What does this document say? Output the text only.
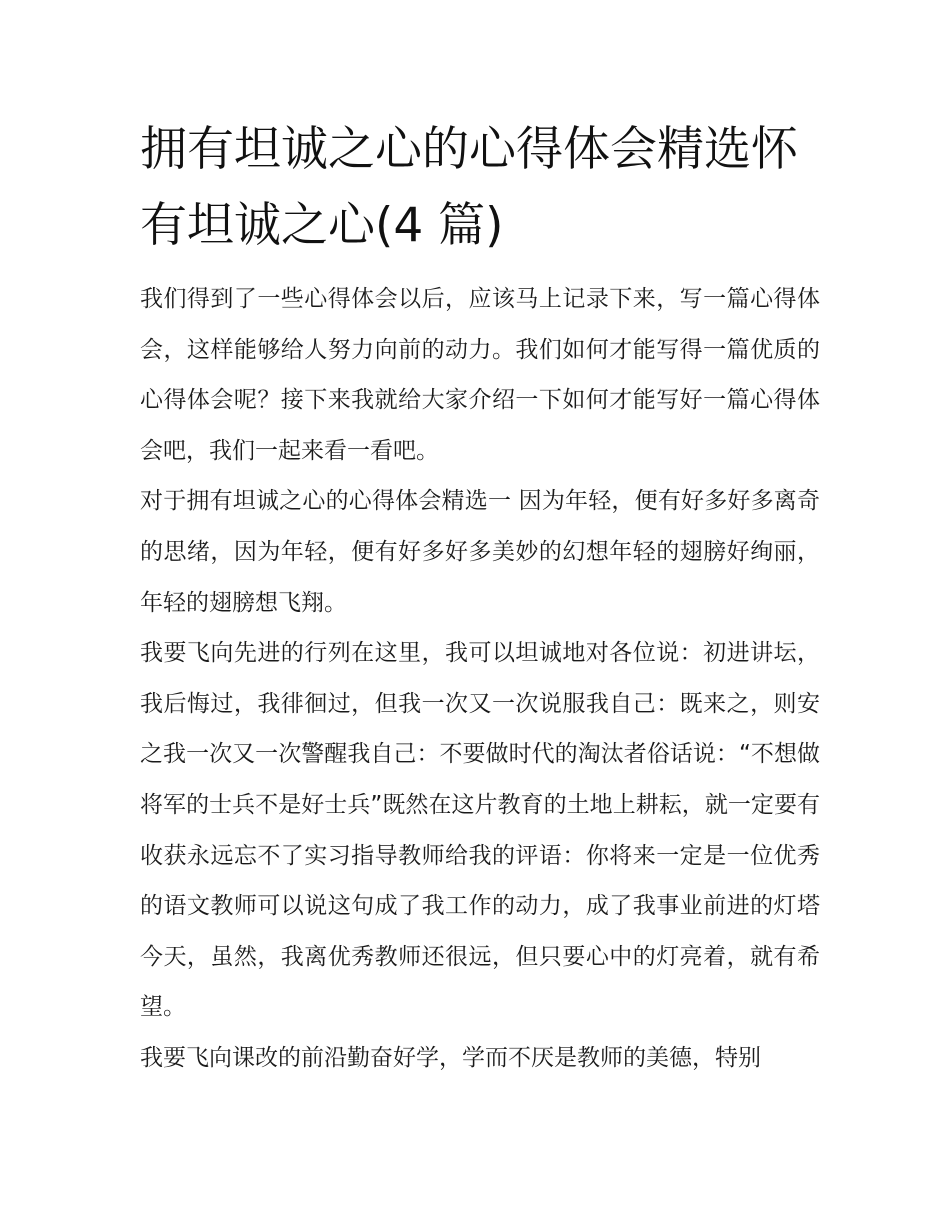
拥有坦诚之心的心得体会精选怀有坦诚之心(4 篇)

我们得到了一些心得体会以后，应该马上记录下来，写一篇心得体会，这样能够给人努力向前的动力。我们如何才能写得一篇优质的心得体会呢？接下来我就给大家介绍一下如何才能写好一篇心得体会吧，我们一起来看一看吧。

对于拥有坦诚之心的心得体会精选一 因为年轻，便有好多好多离奇的思绪，因为年轻，便有好多好多美妙的幻想年轻的翅膀好绚丽，年轻的翅膀想飞翔。

我要飞向先进的行列在这里，我可以坦诚地对各位说：初进讲坛，我后悔过，我徘徊过，但我一次又一次说服我自己：既来之，则安之我一次又一次警醒我自己：不要做时代的淘汰者俗话说：“不想做将军的士兵不是好士兵”既然在这片教育的土地上耕耘，就一定要有收获永远忘不了实习指导教师给我的评语：你将来一定是一位优秀的语文教师可以说这句成了我工作的动力，成了我事业前进的灯塔今天，虽然，我离优秀教师还很远，但只要心中的灯亮着，就有希望。

我要飞向课改的前沿勤奋好学，学而不厌是教师的美德，特别
